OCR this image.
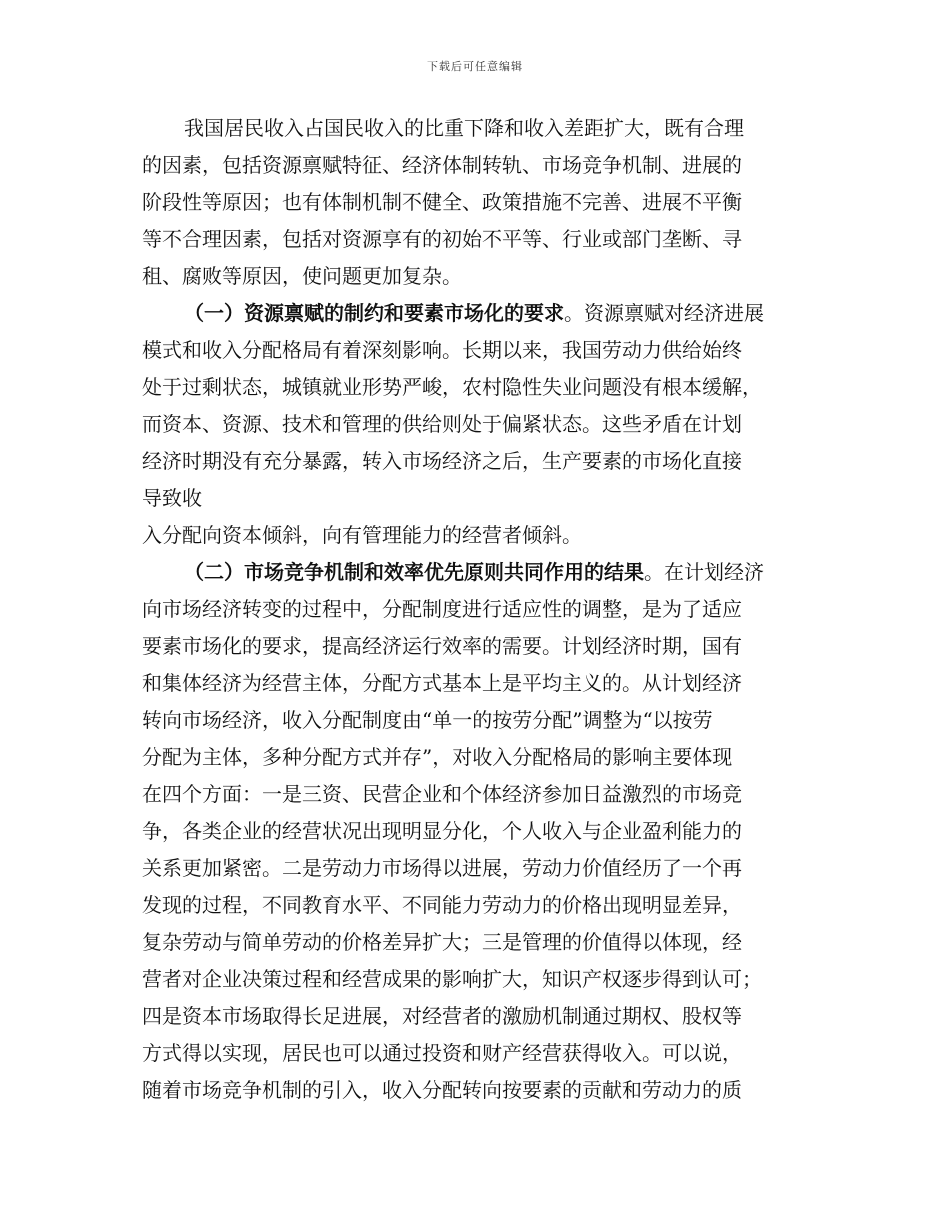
下载后可任意编辑
我国居民收入占国民收入的比重下降和收入差距扩大，既有合理
的因素，包括资源禀赋特征、经济体制转轨、市场竞争机制、进展的
阶段性等原因；也有体制机制不健全、政策措施不完善、进展不平衡
等不合理因素，包括对资源享有的初始不平等、行业或部门垄断、寻
租、腐败等原因，使问题更加复杂。
（一）资源禀赋的制约和要素市场化的要求。资源禀赋对经济进展
模式和收入分配格局有着深刻影响。长期以来，我国劳动力供给始终
处于过剩状态，城镇就业形势严峻，农村隐性失业问题没有根本缓解，
而资本、资源、技术和管理的供给则处于偏紧状态。这些矛盾在计划
经济时期没有充分暴露，转入市场经济之后，生产要素的市场化直接
导致收
入分配向资本倾斜，向有管理能力的经营者倾斜。
（二）市场竞争机制和效率优先原则共同作用的结果。在计划经济
向市场经济转变的过程中，分配制度进行适应性的调整，是为了适应
要素市场化的要求，提高经济运行效率的需要。计划经济时期，国有
和集体经济为经营主体，分配方式基本上是平均主义的。从计划经济
转向市场经济，收入分配制度由“单一的按劳分配”调整为“以按劳
分配为主体，多种分配方式并存”，对收入分配格局的影响主要体现
在四个方面：一是三资、民营企业和个体经济参加日益激烈的市场竞
争，各类企业的经营状况出现明显分化，个人收入与企业盈利能力的
关系更加紧密。二是劳动力市场得以进展，劳动力价值经历了一个再
发现的过程，不同教育水平、不同能力劳动力的价格出现明显差异，
复杂劳动与简单劳动的价格差异扩大；三是管理的价值得以体现，经
营者对企业决策过程和经营成果的影响扩大，知识产权逐步得到认可；
四是资本市场取得长足进展，对经营者的激励机制通过期权、股权等
方式得以实现，居民也可以通过投资和财产经营获得收入。可以说，
随着市场竞争机制的引入，收入分配转向按要素的贡献和劳动力的质
